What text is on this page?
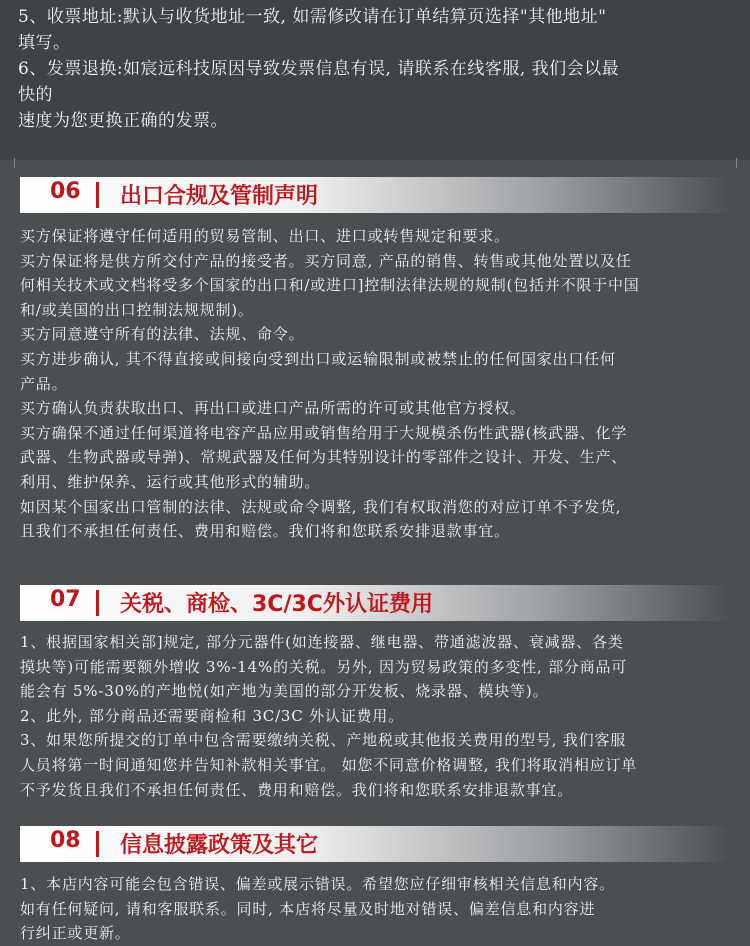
5、收票地址:默认与收货地址一致, 如需修改请在订单结算页选择"其他地址"

填写。

6、发票退换:如宸远科技原因导致发票信息有误, 请联系在线客服, 我们会以最

快的

速度为您更换正确的发票。

06 出口合规及管制声明

买方保证将遵守任何适用的贸易管制、出口、进口或转售规定和要求。

买方保证将是供方所交付产品的接受者。买方同意, 产品的销售、转售或其他处置以及任

何相关技术或文档将受多个国家的出口和/或进口]控制法律法规的规制(包括并不限于中国

和/或美国的出口控制法规规制)。

买方同意遵守所有的法律、法规、命令。

买方进步确认, 其不得直接或间接向受到出口或运输限制或被禁止的任何国家出口任何

产品。

买方确认负责获取出口、再出口或进口产品所需的许可或其他官方授权。

买方确保不通过任何渠道将电容产品应用或销售给用于大规模杀伤性武器(核武器、化学

武器、生物武器或导弹)、常规武器及任何为其特别设计的零部件之设计、开发、生产、

利用、维护保养、运行或其他形式的辅助。

如因某个国家出口管制的法律、法规或命令调整, 我们有权取消您的对应订单不予发货,

且我们不承担任何责任、费用和赔偿。我们将和您联系安排退款事宜。

07 关税、商检、3C/3C外认证费用

1、根据国家相关部]规定, 部分元器件(如连接器、继电器、带通滤波器、衰减器、各类

摸块等)可能需要额外增收 3%-14%的关税。另外, 因为贸易政策的多变性, 部分商品可

能会有 5%-30%的产地悦(如产地为美国的部分开发板、烧录器、模块等)。

2、此外, 部分商品还需要商检和 3C/3C 外认证费用。

3、如果您所提交的订单中包含需要缴纳关税、产地税或其他报关费用的型号, 我们客服

人员将第一时间通知您并告知补款相关事宜。 如您不同意价格调整, 我们将取消相应订单

不予发货且我们不承担任何责任、费用和赔偿。我们将和您联系安排退款事宜。

08 信息披露政策及其它

1、本店内容可能会包含错误、偏差或展示错误。希望您应仔细审核相关信息和内容。

如有任何疑问, 请和客服联系。同时, 本店将尽量及时地对错误、偏差信息和内容进

行纠正或更新。
